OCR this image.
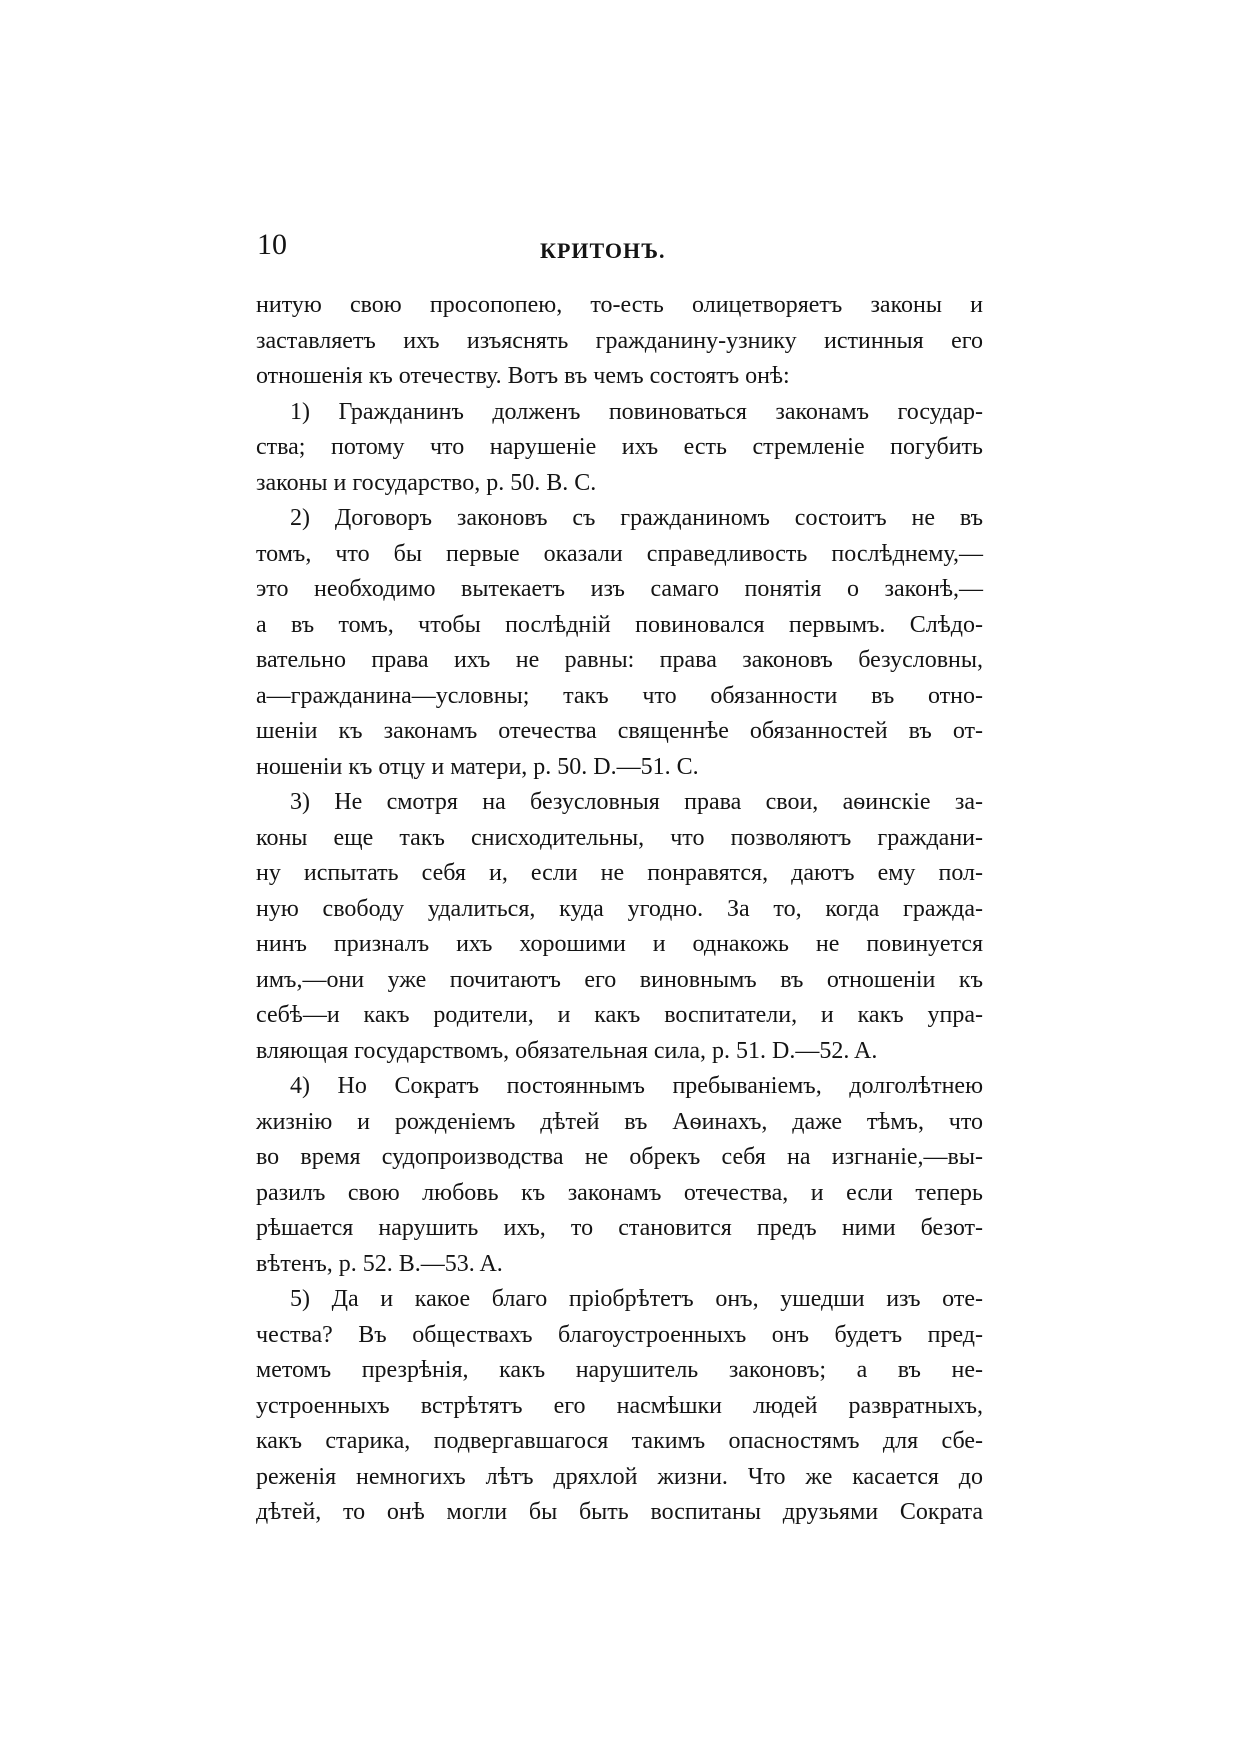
10	КРИТОНЪ.
нитую свою просопопею, то-есть олицетворяетъ законы и
заставляетъ ихъ изъяснять гражданину-узнику истинныя его
отношенія къ отечеству. Вотъ въ чемъ состоятъ онѣ:
1) Гражданинъ долженъ повиноваться законамъ государ-
ства; потому что нарушеніе ихъ есть стремленіе погубить
законы и государство, p. 50. B. C.
2) Договоръ законовъ съ гражданиномъ состоитъ не въ
томъ, что бы первые оказали справедливость послѣднему,—
это необходимо вытекаетъ изъ самаго понятія о законѣ,—
а въ томъ, чтобы послѣдній повиновался первымъ. Слѣдо-
вательно права ихъ не равны: права законовъ безусловны,
а—гражданина—условны; такъ что обязанности въ отно-
шеніи къ законамъ отечества священнѣе обязанностей въ от-
ношеніи къ отцу и матери, p. 50. D.—51. C.
3) Не смотря на безусловныя права свои, аѳинскіе за-
коны еще такъ снисходительны, что позволяютъ граждани-
ну испытать себя и, если не понравятся, даютъ ему пол-
ную свободу удалиться, куда угодно. За то, когда гражда-
нинъ призналъ ихъ хорошими и однакожь не повинуется
имъ,—они уже почитаютъ его виновнымъ въ отношеніи къ
себѣ—и какъ родители, и какъ воспитатели, и какъ упра-
вляющая государствомъ, обязательная сила, p. 51. D.—52. A.
4) Но Сократъ постояннымъ пребываніемъ, долголѣтнею
жизнію и рожденіемъ дѣтей въ Аѳинахъ, даже тѣмъ, что
во время судопроизводства не обрекъ себя на изгнаніе,—вы-
разилъ свою любовь къ законамъ отечества, и если теперь
рѣшается нарушить ихъ, то становится предъ ними безот-
вѣтенъ, p. 52. B.—53. A.
5) Да и какое благо пріобрѣтетъ онъ, ушедши изъ оте-
чества? Въ обществахъ благоустроенныхъ онъ будетъ пред-
метомъ презрѣнія, какъ нарушитель законовъ; а въ не-
устроенныхъ встрѣтятъ его насмѣшки людей развратныхъ,
какъ старика, подвергавшагося такимъ опасностямъ для сбе-
реженія немногихъ лѣтъ дряхлой жизни. Что же касается до
дѣтей, то онѣ могли бы быть воспитаны друзьями Сократа
